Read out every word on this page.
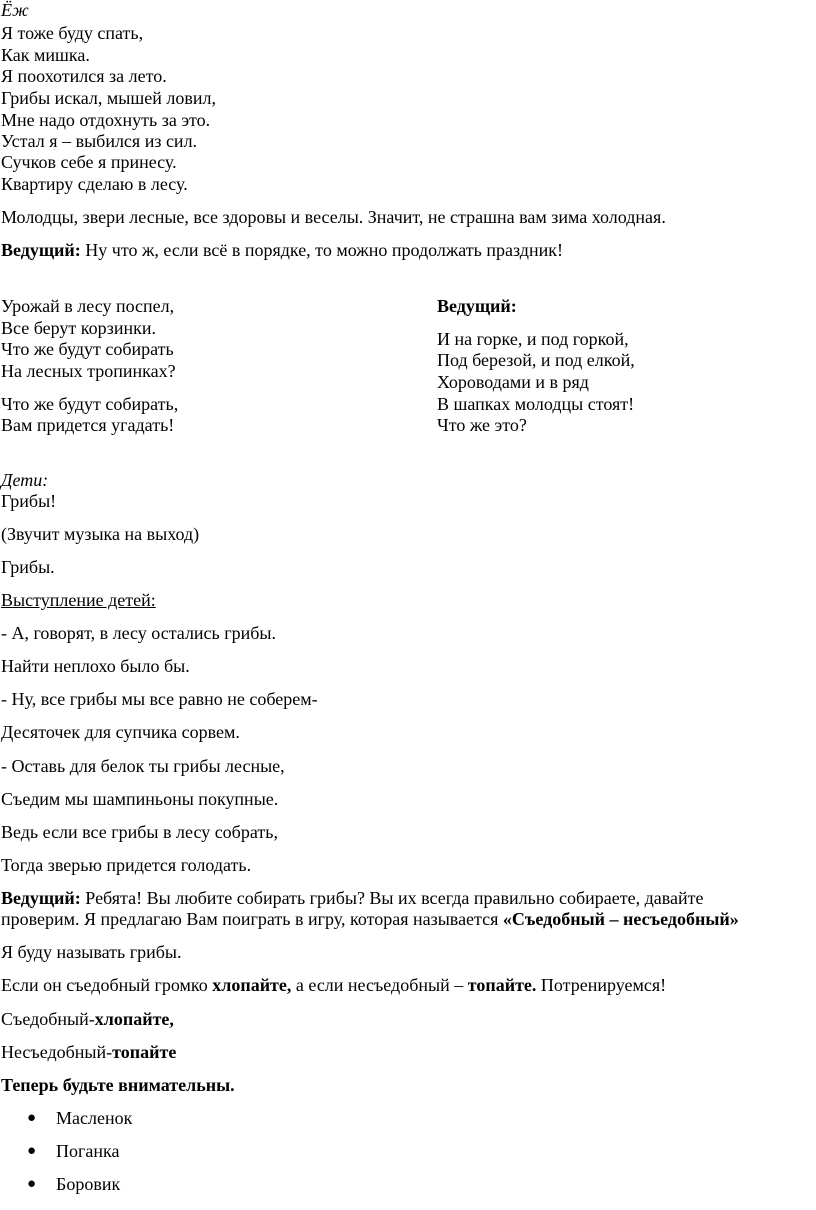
Ёж

Я тоже буду спать,

Как мишка.

Я поохотился за лето.

Грибы искал, мышей ловил,

Мне надо отдохнуть за это.

Устал я – выбился из сил.

Сучков себе я принесу.

Квартиру сделаю в лесу.

Молодцы, звери лесные, все здоровы и веселы. Значит, не страшна вам зима холодная.

Ведущий: Ну что ж, если всё в порядке, то можно продолжать праздник!

Урожай в лесу поспел,

Все берут корзинки.

Что же будут собирать

На лесных тропинках?

Что же будут собирать,

Вам придется угадать!

Ведущий:

И на горке, и под горкой,

Под березой, и под елкой,

Хороводами и в ряд

В шапках молодцы стоят!

Что же это?

Дети:

Грибы!

(Звучит музыка на выход)

Грибы.

Выступление детей:

- А, говорят, в лесу остались грибы.

Найти неплохо было бы.

- Ну, все грибы мы все равно не соберем-

Десяточек для супчика сорвем.

- Оставь для белок ты грибы лесные,

Съедим мы шампиньоны покупные.

Ведь если все грибы в лесу собрать,

Тогда зверью придется голодать.

Ведущий: Ребята! Вы любите собирать грибы? Вы их всегда правильно собираете, давайте

проверим. Я предлагаю Вам поиграть в игру, которая называется «Съедобный – несъедобный»

Я буду называть грибы.

Если он съедобный громко хлопайте, а если несъедобный – топайте. Потренируемся!

Съедобный-хлопайте,

Несъедобный-топайте

Теперь будьте внимательны.

● Масленок

● Поганка

● Боровик
